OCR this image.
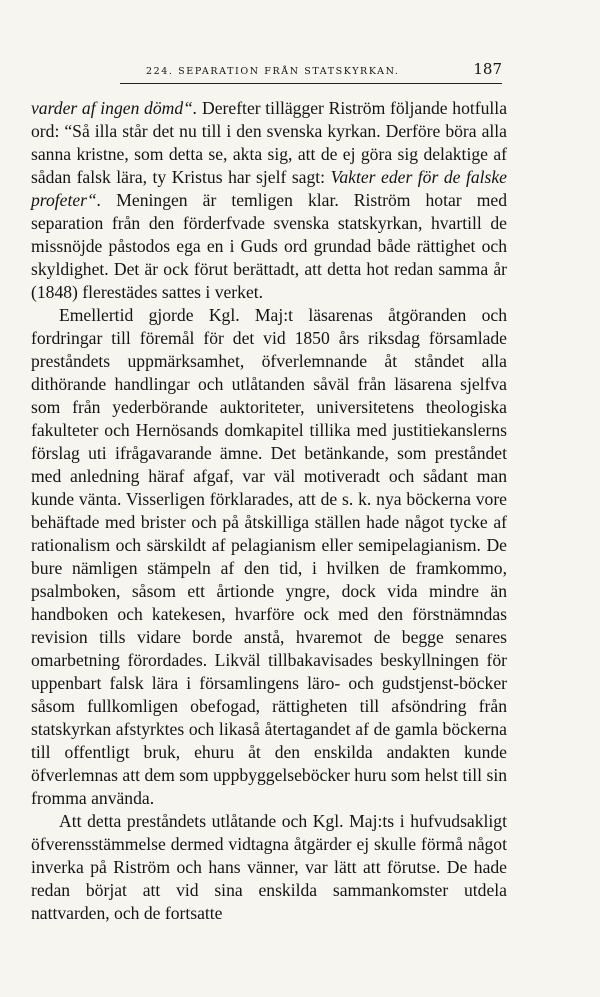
224. SEPARATION FRÅN STATSKYRKAN.	187

varder af ingen dömd“. Derefter tillägger Riström följande hotfulla ord: “Så illa står det nu till i den svenska kyrkan. Derföre böra alla sanna kristne, som detta se, akta sig, att de ej göra sig delaktige af sådan falsk lära, ty Kristus har sjelf sagt: Vakter eder för de falske profeter“. Meningen är temligen klar. Riström hotar med separation från den förderfvade svenska statskyrkan, hvartill de missnöjde påstodos ega en i Guds ord grundad både rättighet och skyldighet. Det är ock förut berättadt, att detta hot redan samma år (1848) flerestädes sattes i verket.

Emellertid gjorde Kgl. Maj:t läsarenas åtgöranden och fordringar till föremål för det vid 1850 års riksdag församlade preståndets uppmärksamhet, öfverlemnande åt ståndet alla dithörande handlingar och utlåtanden såväl från läsarena sjelfva som från yederbörande auktoriteter, universitetens theologiska fakulteter och Hernösands domkapitel tillika med justitiekanslerns förslag uti ifrågavarande ämne. Det betänkande, som preståndet med anledning häraf afgaf, var väl motiveradt och sådant man kunde vänta. Visserligen förklarades, att de s. k. nya böckerna vore behäftade med brister och på åtskilliga ställen hade något tycke af rationalism och särskildt af pelagianism eller semipelagianism. De bure nämligen stämpeln af den tid, i hvilken de framkommo, psalmboken, såsom ett årtionde yngre, dock vida mindre än handboken och katekesen, hvarföre ock med den förstnämndas revision tills vidare borde anstå, hvaremot de begge senares omarbetning förordades. Likväl tillbakavisades beskyllningen för uppenbart falsk lära i församlingens läro- och gudstjenst-böcker såsom fullkomligen obefogad, rättigheten till afsöndring från statskyrkan afstyrktes och likaså återtagandet af de gamla böckerna till offentligt bruk, ehuru åt den enskilda andakten kunde öfverlemnas att dem som uppbyggelseböcker huru som helst till sin fromma använda.

Att detta preståndets utlåtande och Kgl. Maj:ts i hufvudsakligt öfverensstämmelse dermed vidtagna åtgärder ej skulle förmå något inverka på Riström och hans vänner, var lätt att förutse. De hade redan börjat att vid sina enskilda sammankomster utdela nattvarden, och de fortsatte
